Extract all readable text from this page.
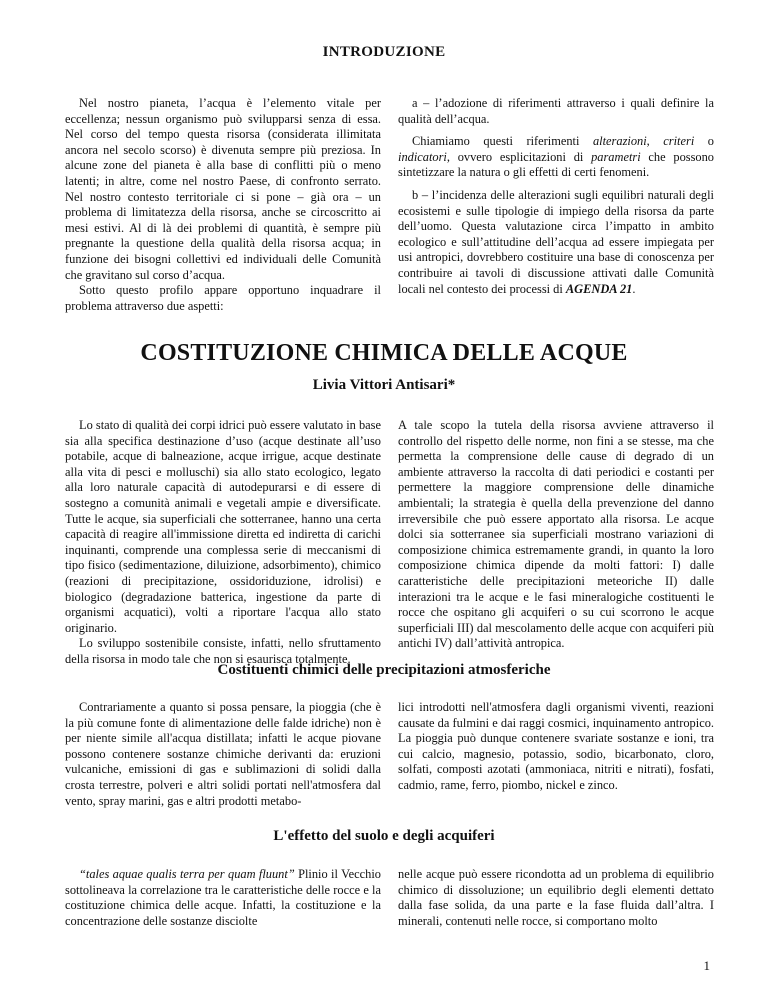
INTRODUZIONE

Nel nostro pianeta, l’acqua è l’elemento vitale per eccellenza; nessun organismo può svilupparsi senza di essa. Nel corso del tempo questa risorsa (considerata illimitata ancora nel secolo scorso) è divenuta sempre più preziosa. In alcune zone del pianeta è alla base di conflitti più o meno latenti; in altre, come nel nostro Paese, di confronto serrato. Nel nostro contesto territoriale ci si pone – già ora – un problema di limitatezza della risorsa, anche se circoscritto ai mesi estivi. Al di là dei problemi di quantità, è sempre più pregnante la questione della qualità della risorsa acqua; in funzione dei bisogni collettivi ed individuali delle Comunità che gravitano sul corso d’acqua.

Sotto questo profilo appare opportuno inquadrare il problema attraverso due aspetti:

a – l’adozione di riferimenti attraverso i quali definire la qualità dell’acqua.

Chiamiamo questi riferimenti alterazioni, criteri o indicatori, ovvero esplicitazioni di parametri che possono sintetizzare la natura o gli effetti di certi fenomeni.

b – l’incidenza delle alterazioni sugli equilibri naturali degli ecosistemi e sulle tipologie di impiego della risorsa da parte dell’uomo. Questa valutazione circa l’impatto in ambito ecologico e sull’attitudine dell’acqua ad essere impiegata per usi antropici, dovrebbero costituire una base di conoscenza per contribuire ai tavoli di discussione attivati dalle Comunità locali nel contesto dei processi di AGENDA 21.

COSTITUZIONE CHIMICA DELLE ACQUE
Livia Vittori Antisari*

Lo stato di qualità dei corpi idrici può essere valutato in base sia alla specifica destinazione d’uso (acque destinate all’uso potabile, acque di balneazione, acque irrigue, acque destinate alla vita di pesci e molluschi) sia allo stato ecologico, legato alla loro naturale capacità di autodepurarsi e di essere di sostegno a comunità animali e vegetali ampie e diversificate. Tutte le acque, sia superficiali che sotterranee, hanno una certa capacità di reagire all'immissione diretta ed indiretta di carichi inquinanti, comprende una complessa serie di meccanismi di tipo fisico (sedimentazione, diluizione, adsorbimento), chimico (reazioni di precipitazione, ossidoriduzione, idrolisi) e biologico (degradazione batterica, ingestione da parte di organismi acquatici), volti a riportare l'acqua allo stato originario.

Lo sviluppo sostenibile consiste, infatti, nello sfruttamento della risorsa in modo tale che non si esaurisca totalmente.

A tale scopo la tutela della risorsa avviene attraverso il controllo del rispetto delle norme, non fini a se stesse, ma che permetta la comprensione delle cause di degrado di un ambiente attraverso la raccolta di dati periodici e costanti per permettere la maggiore comprensione delle dinamiche ambientali; la strategia è quella della prevenzione del danno irreversibile che può essere apportato alla risorsa. Le acque dolci sia sotterranee sia superficiali mostrano variazioni di composizione chimica estremamente grandi, in quanto la loro composizione chimica dipende da molti fattori: I) dalle caratteristiche delle precipitazioni meteoriche II) dalle interazioni tra le acque e le fasi mineralogiche costituenti le rocce che ospitano gli acquiferi o su cui scorrono le acque superficiali III) dal mescolamento delle acque con acquiferi più antichi IV) dall’attività antropica.

Costituenti chimici delle precipitazioni atmosferiche

Contrariamente a quanto si possa pensare, la pioggia (che è la più comune fonte di alimentazione delle falde idriche) non è per niente simile all'acqua distillata; infatti le acque piovane possono contenere sostanze chimiche derivanti da: eruzioni vulcaniche, emissioni di gas e sublimazioni di solidi dalla crosta terrestre, polveri e altri solidi portati nell'atmosfera dal vento, spray marini, gas e altri prodotti metabo-

lici introdotti nell'atmosfera dagli organismi viventi, reazioni causate da fulmini e dai raggi cosmici, inquinamento antropico. La pioggia può dunque contenere svariate sostanze e ioni, tra cui calcio, magnesio, potassio, sodio, bicarbonato, cloro, solfati, composti azotati (ammoniaca, nitriti e nitrati), fosfati, cadmio, rame, ferro, piombo, nickel e zinco.

L'effetto del suolo e degli acquiferi

“tales aquae qualis terra per quam fluunt” Plinio il Vecchio sottolineava la correlazione tra le caratteristiche delle rocce e la costituzione chimica delle acque. Infatti, la costituzione e la concentrazione delle sostanze disciolte

nelle acque può essere ricondotta ad un problema di equilibrio chimico di dissoluzione; un equilibrio degli elementi dettato dalla fase solida, da una parte e la fase fluida dall’altra. I minerali, contenuti nelle rocce, si comportano molto

1
